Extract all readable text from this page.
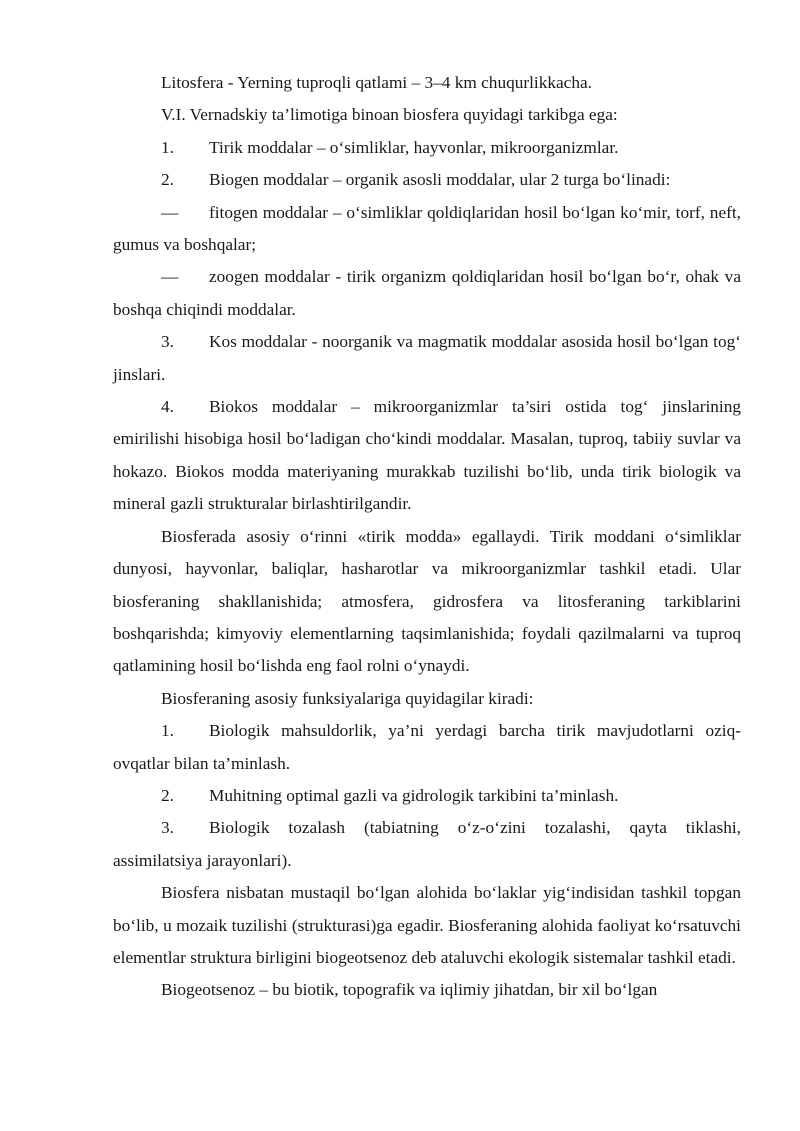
Litosfera - Yerning tuproqli qatlami – 3–4 km chuqurlikkacha.

V.I. Vernadskiy ta’limotiga binoan biosfera quyidagi tarkibga ega:

1. Tirik moddalar – o‘simliklar, hayvonlar, mikroorganizmlar.

2. Biogen moddalar – organik asosli moddalar, ular 2 turga bo‘linadi:

— fitogen moddalar – o‘simliklar qoldiqlaridan hosil bo‘lgan ko‘mir, torf, neft, gumus va boshqalar;

— zoogen moddalar - tirik organizm qoldiqlaridan hosil bo‘lgan bo‘r, ohak va boshqa chiqindi moddalar.

3. Kos moddalar - noorganik va magmatik moddalar asosida hosil bo‘lgan tog‘ jinslari.

4. Biokos moddalar – mikroorganizmlar ta’siri ostida tog‘ jinslarining emirilishi hisobiga hosil bo‘ladigan cho‘kindi moddalar. Masalan, tuproq, tabiiy suvlar va hokazo. Biokos modda materiyaning murakkab tuzilishi bo‘lib, unda tirik biologik va mineral gazli strukturalar birlashtirilgandir.

Biosferada asosiy o‘rinni «tirik modda» egallaydi. Tirik moddani o‘simliklar dunyosi, hayvonlar, baliqlar, hasharotlar va mikroorganizmlar tashkil etadi. Ular biosferaning shakllanishida; atmosfera, gidrosfera va litosferaning tarkiblarini boshqarishda; kimyoviy elementlarning taqsimlanishida; foydali qazilmalarni va tuproq qatlamining hosil bo‘lishda eng faol rolni o‘ynaydi.

Biosferaning asosiy funksiyalariga quyidagilar kiradi:

1. Biologik mahsuldorlik, ya’ni yerdagi barcha tirik mavjudotlarni oziq-ovqatlar bilan ta’minlash.

2. Muhitning optimal gazli va gidrologik tarkibini ta’minlash.

3. Biologik tozalash (tabiatning o‘z-o‘zini tozalashi, qayta tiklashi, assimilatsiya jarayonlari).

Biosfera nisbatan mustaqil bo‘lgan alohida bo‘laklar yig‘indisidan tashkil topgan bo‘lib, u mozaik tuzilishi (strukturasi)ga egadir. Biosferaning alohida faoliyat ko‘rsatuvchi elementlar struktura birligini biogeotsenoz deb ataluvchi ekologik sistemalar tashkil etadi.

Biogeotsenoz – bu biotik, topografik va iqlimiy jihatdan, bir xil bo‘lgan
